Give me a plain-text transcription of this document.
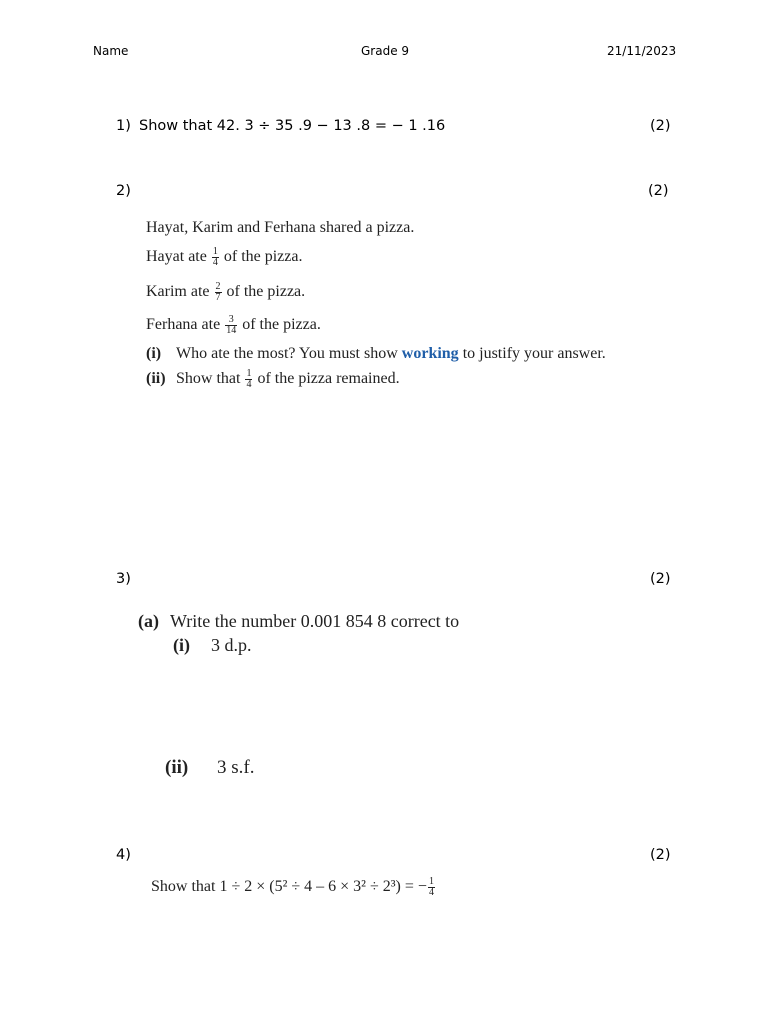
Name	Grade 9	21/11/2023
1) Show that 42. 3 ÷ 35 .9 − 13 .8 = − 1 .16	(2)
2)	(2)
Hayat, Karim and Ferhana shared a pizza.
Hayat ate $\frac{1}{4}$ of the pizza.
Karim ate $\frac{2}{7}$ of the pizza.
Ferhana ate $\frac{3}{14}$ of the pizza.
(i) Who ate the most? You must show working to justify your answer.
(ii) Show that $\frac{1}{4}$ of the pizza remained.
3)	(2)
(a) Write the number 0.001 854 8 correct to
(i) 3 d.p.
(ii) 3 s.f.
4)	(2)
Show that 1 ÷ 2 × (5² ÷ 4 – 6 × 3² ÷ 2³) = − $\frac{1}{4}$
